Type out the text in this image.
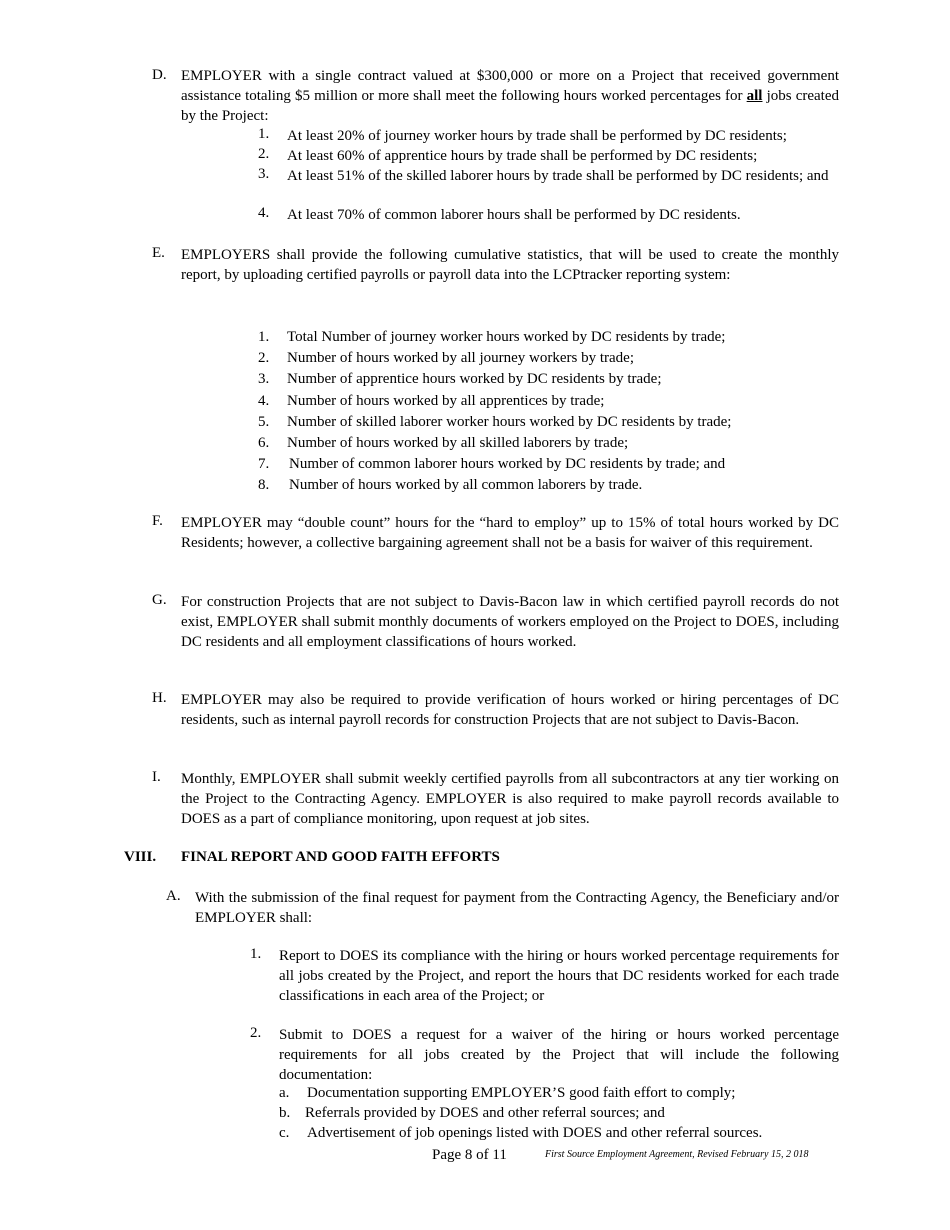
D. EMPLOYER with a single contract valued at $300,000 or more on a Project that received government assistance totaling $5 million or more shall meet the following hours worked percentages for all jobs created by the Project:
1.	At least 20% of journey worker hours by trade shall be performed by DC residents;
2.	At least 60% of apprentice hours by trade shall be performed by DC residents;
3.	At least 51% of the skilled laborer hours by trade shall be performed by DC residents; and
4.	At least 70% of common laborer hours shall be performed by DC residents.
E. EMPLOYERS shall provide the following cumulative statistics, that will be used to create the monthly report, by uploading certified payrolls or payroll data into the LCPtracker reporting system:
1. Total Number of journey worker hours worked by DC residents by trade;
2. Number of hours worked by all journey workers by trade;
3. Number of apprentice hours worked by DC residents by trade;
4. Number of hours worked by all apprentices by trade;
5. Number of skilled laborer worker hours worked by DC residents by trade;
6. Number of hours worked by all skilled laborers by trade;
7. Number of common laborer hours worked by DC residents by trade; and
8. Number of hours worked by all common laborers by trade.
F. EMPLOYER may “double count” hours for the “hard to employ” up to 15% of total hours worked by DC Residents; however, a collective bargaining agreement shall not be a basis for waiver of this requirement.
G. For construction Projects that are not subject to Davis-Bacon law in which certified payroll records do not exist, EMPLOYER shall submit monthly documents of workers employed on the Project to DOES, including DC residents and all employment classifications of hours worked.
H. EMPLOYER may also be required to provide verification of hours worked or hiring percentages of DC residents, such as internal payroll records for construction Projects that are not subject to Davis-Bacon.
I. Monthly, EMPLOYER shall submit weekly certified payrolls from all subcontractors at any tier working on the Project to the Contracting Agency. EMPLOYER is also required to make payroll records available to DOES as a part of compliance monitoring, upon request at job sites.
VIII. FINAL REPORT AND GOOD FAITH EFFORTS
A. With the submission of the final request for payment from the Contracting Agency, the Beneficiary and/or EMPLOYER shall:
1. Report to DOES its compliance with the hiring or hours worked percentage requirements for all jobs created by the Project, and report the hours that DC residents worked for each trade classifications in each area of the Project; or
2. Submit to DOES a request for a waiver of the hiring or hours worked percentage requirements for all jobs created by the Project that will include the following documentation:
a. Documentation supporting EMPLOYER’S good faith effort to comply;
b. Referrals provided by DOES and other referral sources; and
c. Advertisement of job openings listed with DOES and other referral sources.
Page 8 of 11	First Source Employment Agreement, Revised February 15, 2 018
